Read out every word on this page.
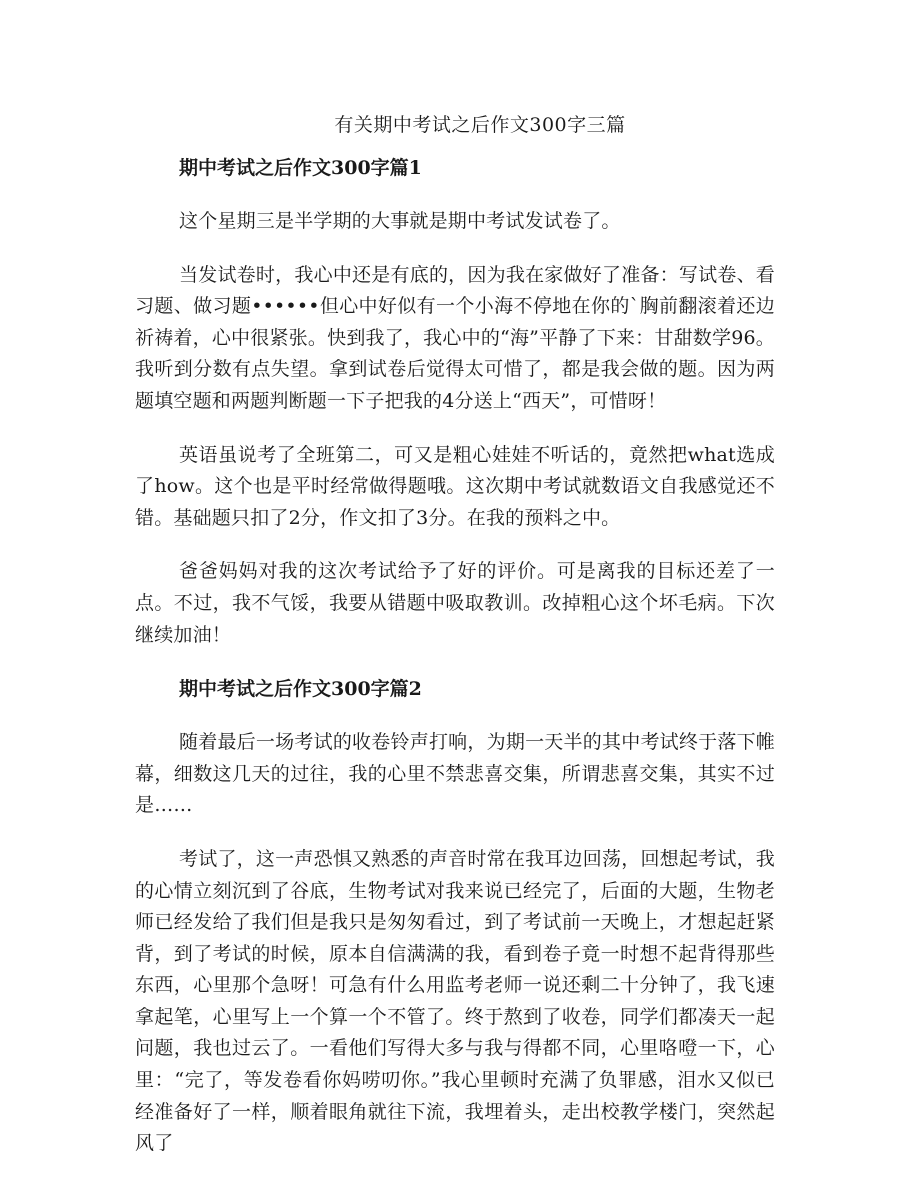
有关期中考试之后作文300字三篇
期中考试之后作文300字篇1

这个星期三是半学期的大事就是期中考试发试卷了。

当发试卷时，我心中还是有底的，因为我在家做好了准备：写试卷、看习题、做习题••••••但心中好似有一个小海不停地在你的`胸前翻滚着还边祈祷着，心中很紧张。快到我了，我心中的“海”平静了下来：甘甜数学96。我听到分数有点失望。拿到试卷后觉得太可惜了，都是我会做的题。因为两题填空题和两题判断题一下子把我的4分送上“西天”，可惜呀！

英语虽说考了全班第二，可又是粗心娃娃不听话的，竟然把what选成了how。这个也是平时经常做得题哦。这次期中考试就数语文自我感觉还不错。基础题只扣了2分，作文扣了3分。在我的预料之中。

爸爸妈妈对我的这次考试给予了好的评价。可是离我的目标还差了一点。不过，我不气馁，我要从错题中吸取教训。改掉粗心这个坏毛病。下次继续加油！

期中考试之后作文300字篇2

随着最后一场考试的收卷铃声打响，为期一天半的其中考试终于落下帷幕，细数这几天的过往，我的心里不禁悲喜交集，所谓悲喜交集，其实不过是……

考试了，这一声恐惧又熟悉的声音时常在我耳边回荡，回想起考试，我的心情立刻沉到了谷底，生物考试对我来说已经完了，后面的大题，生物老师已经发给了我们但是我只是匆匆看过，到了考试前一天晚上，才想起赶紧背，到了考试的时候，原本自信满满的我，看到卷子竟一时想不起背得那些东西，心里那个急呀！可急有什么用监考老师一说还剩二十分钟了，我飞速拿起笔，心里写上一个算一个不管了。终于熬到了收卷，同学们都凑天一起问题，我也过云了。一看他们写得大多与我与得都不同，心里咯噔一下，心里：“完了，等发卷看你妈唠叨你。”我心里顿时充满了负罪感，泪水又似已经准备好了一样，顺着眼角就往下流，我埋着头，走出校教学楼门，突然起风了
